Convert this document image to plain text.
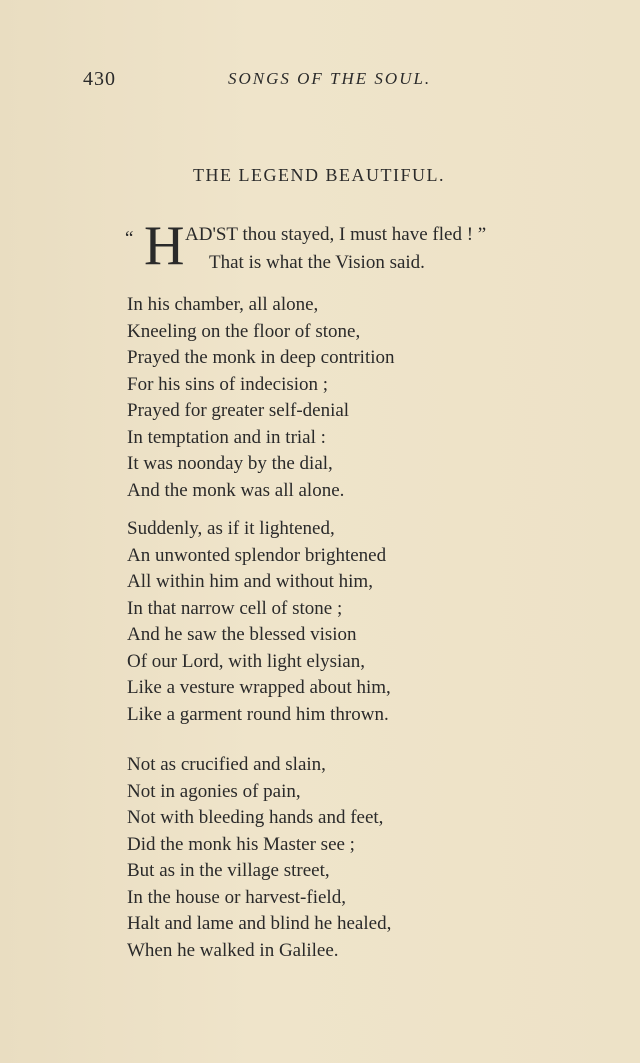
430	SONGS OF THE SOUL.
THE LEGEND BEAUTIFUL.
“ H AD'ST thou stayed, I must have fled ! ”
That is what the Vision said.
In his chamber, all alone,
Kneeling on the floor of stone,
Prayed the monk in deep contrition
For his sins of indecision ;
Prayed for greater self-denial
In temptation and in trial :
It was noonday by the dial,
And the monk was all alone.
Suddenly, as if it lightened,
An unwonted splendor brightened
All within him and without him,
In that narrow cell of stone ;
And he saw the blessed vision
Of our Lord, with light elysian,
Like a vesture wrapped about him,
Like a garment round him thrown.
Not as crucified and slain,
Not in agonies of pain,
Not with bleeding hands and feet,
Did the monk his Master see ;
But as in the village street,
In the house or harvest-field,
Halt and lame and blind he healed,
When he walked in Galilee.
